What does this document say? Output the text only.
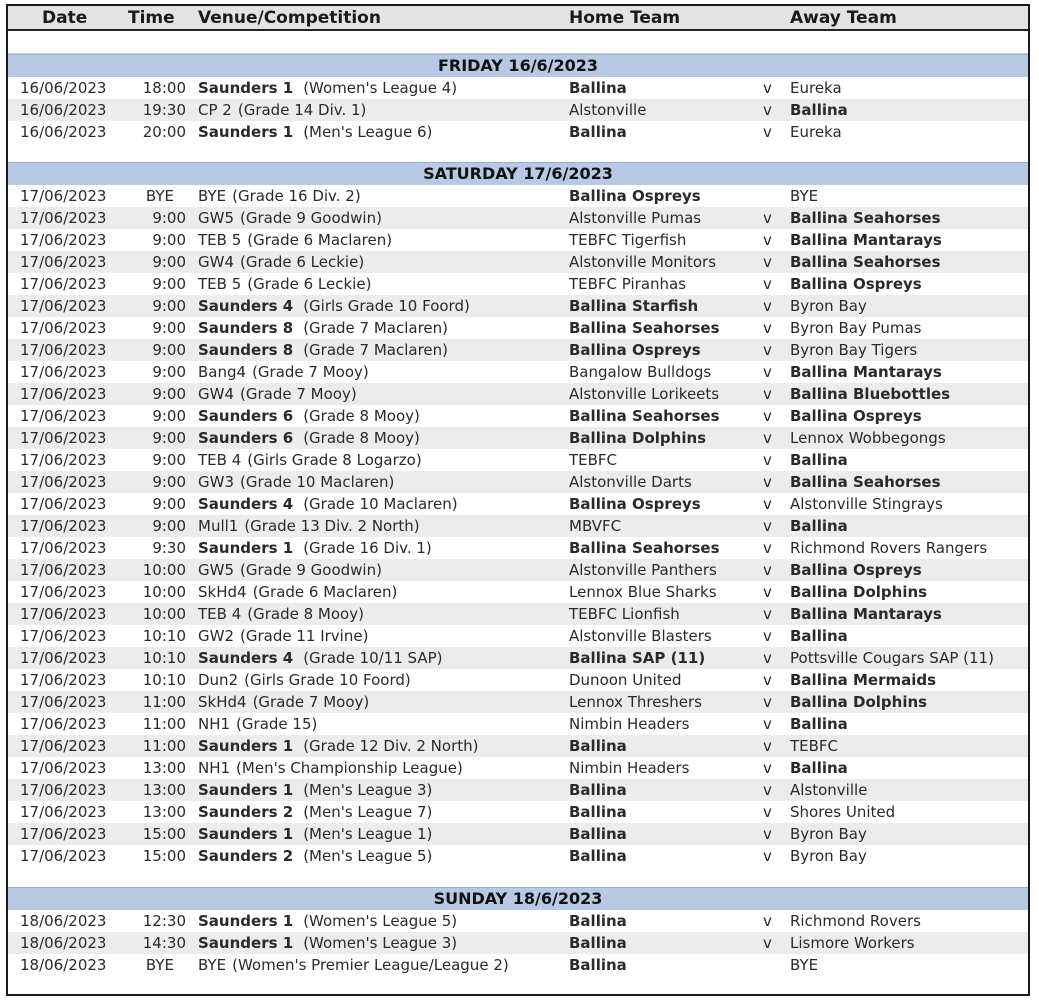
Date Time Venue/Competition	Home Team	Away Team
FRIDAY 16/6/2023
16/06/2023	18:00 Saunders 1 (Women's League 4)	Ballina	v Eureka
16/06/2023	19:30 CP 2 (Grade 14 Div. 1)	Alstonville	v Ballina
16/06/2023	20:00 Saunders 1 (Men's League 6)	Ballina	v Eureka
SATURDAY 17/6/2023
17/06/2023	BYE BYE (Grade 16 Div. 2)	Ballina Ospreys	BYE
17/06/2023	9:00 GW5 (Grade 9 Goodwin)	Alstonville Pumas	v Ballina Seahorses
17/06/2023	9:00 TEB 5 (Grade 6 Maclaren)	TEBFC Tigerfish	v Ballina Mantarays
17/06/2023	9:00 GW4 (Grade 6 Leckie)	Alstonville Monitors	v Ballina Seahorses
17/06/2023	9:00 TEB 5 (Grade 6 Leckie)	TEBFC Piranhas	v Ballina Ospreys
17/06/2023	9:00 Saunders 4 (Girls Grade 10 Foord)	Ballina Starfish	v Byron Bay
17/06/2023	9:00 Saunders 8 (Grade 7 Maclaren)	Ballina Seahorses	v Byron Bay Pumas
17/06/2023	9:00 Saunders 8 (Grade 7 Maclaren)	Ballina Ospreys	v Byron Bay Tigers
17/06/2023	9:00 Bang4 (Grade 7 Mooy)	Bangalow Bulldogs	v Ballina Mantarays
17/06/2023	9:00 GW4 (Grade 7 Mooy)	Alstonville Lorikeets	v Ballina Bluebottles
17/06/2023	9:00 Saunders 6 (Grade 8 Mooy)	Ballina Seahorses	v Ballina Ospreys
17/06/2023	9:00 Saunders 6 (Grade 8 Mooy)	Ballina Dolphins	v Lennox Wobbegongs
17/06/2023	9:00 TEB 4 (Girls Grade 8 Logarzo)	TEBFC	v Ballina
17/06/2023	9:00 GW3 (Grade 10 Maclaren)	Alstonville Darts	v Ballina Seahorses
17/06/2023	9:00 Saunders 4 (Grade 10 Maclaren)	Ballina Ospreys	v Alstonville Stingrays
17/06/2023	9:00 Mull1 (Grade 13 Div. 2 North)	MBVFC	v Ballina
17/06/2023	9:30 Saunders 1 (Grade 16 Div. 1)	Ballina Seahorses	v Richmond Rovers Rangers
17/06/2023	10:00 GW5 (Grade 9 Goodwin)	Alstonville Panthers	v Ballina Ospreys
17/06/2023	10:00 SkHd4 (Grade 6 Maclaren)	Lennox Blue Sharks	v Ballina Dolphins
17/06/2023	10:00 TEB 4 (Grade 8 Mooy)	TEBFC Lionfish	v Ballina Mantarays
17/06/2023	10:10 GW2 (Grade 11 Irvine)	Alstonville Blasters	v Ballina
17/06/2023	10:10 Saunders 4 (Grade 10/11 SAP)	Ballina SAP (11)	v Pottsville Cougars SAP (11)
17/06/2023	10:10 Dun2 (Girls Grade 10 Foord)	Dunoon United	v Ballina Mermaids
17/06/2023	11:00 SkHd4 (Grade 7 Mooy)	Lennox Threshers	v Ballina Dolphins
17/06/2023	11:00 NH1 (Grade 15)	Nimbin Headers	v Ballina
17/06/2023	11:00 Saunders 1 (Grade 12 Div. 2 North)	Ballina	v TEBFC
17/06/2023	13:00 NH1 (Men's Championship League)	Nimbin Headers	v Ballina
17/06/2023	13:00 Saunders 1 (Men's League 3)	Ballina	v Alstonville
17/06/2023	13:00 Saunders 2 (Men's League 7)	Ballina	v Shores United
17/06/2023	15:00 Saunders 1 (Men's League 1)	Ballina	v Byron Bay
17/06/2023	15:00 Saunders 2 (Men's League 5)	Ballina	v Byron Bay
SUNDAY 18/6/2023
18/06/2023	12:30 Saunders 1 (Women's League 5)	Ballina	v Richmond Rovers
18/06/2023	14:30 Saunders 1 (Women's League 3)	Ballina	v Lismore Workers
18/06/2023	BYE BYE (Women's Premier League/League 2)	Ballina	BYE
